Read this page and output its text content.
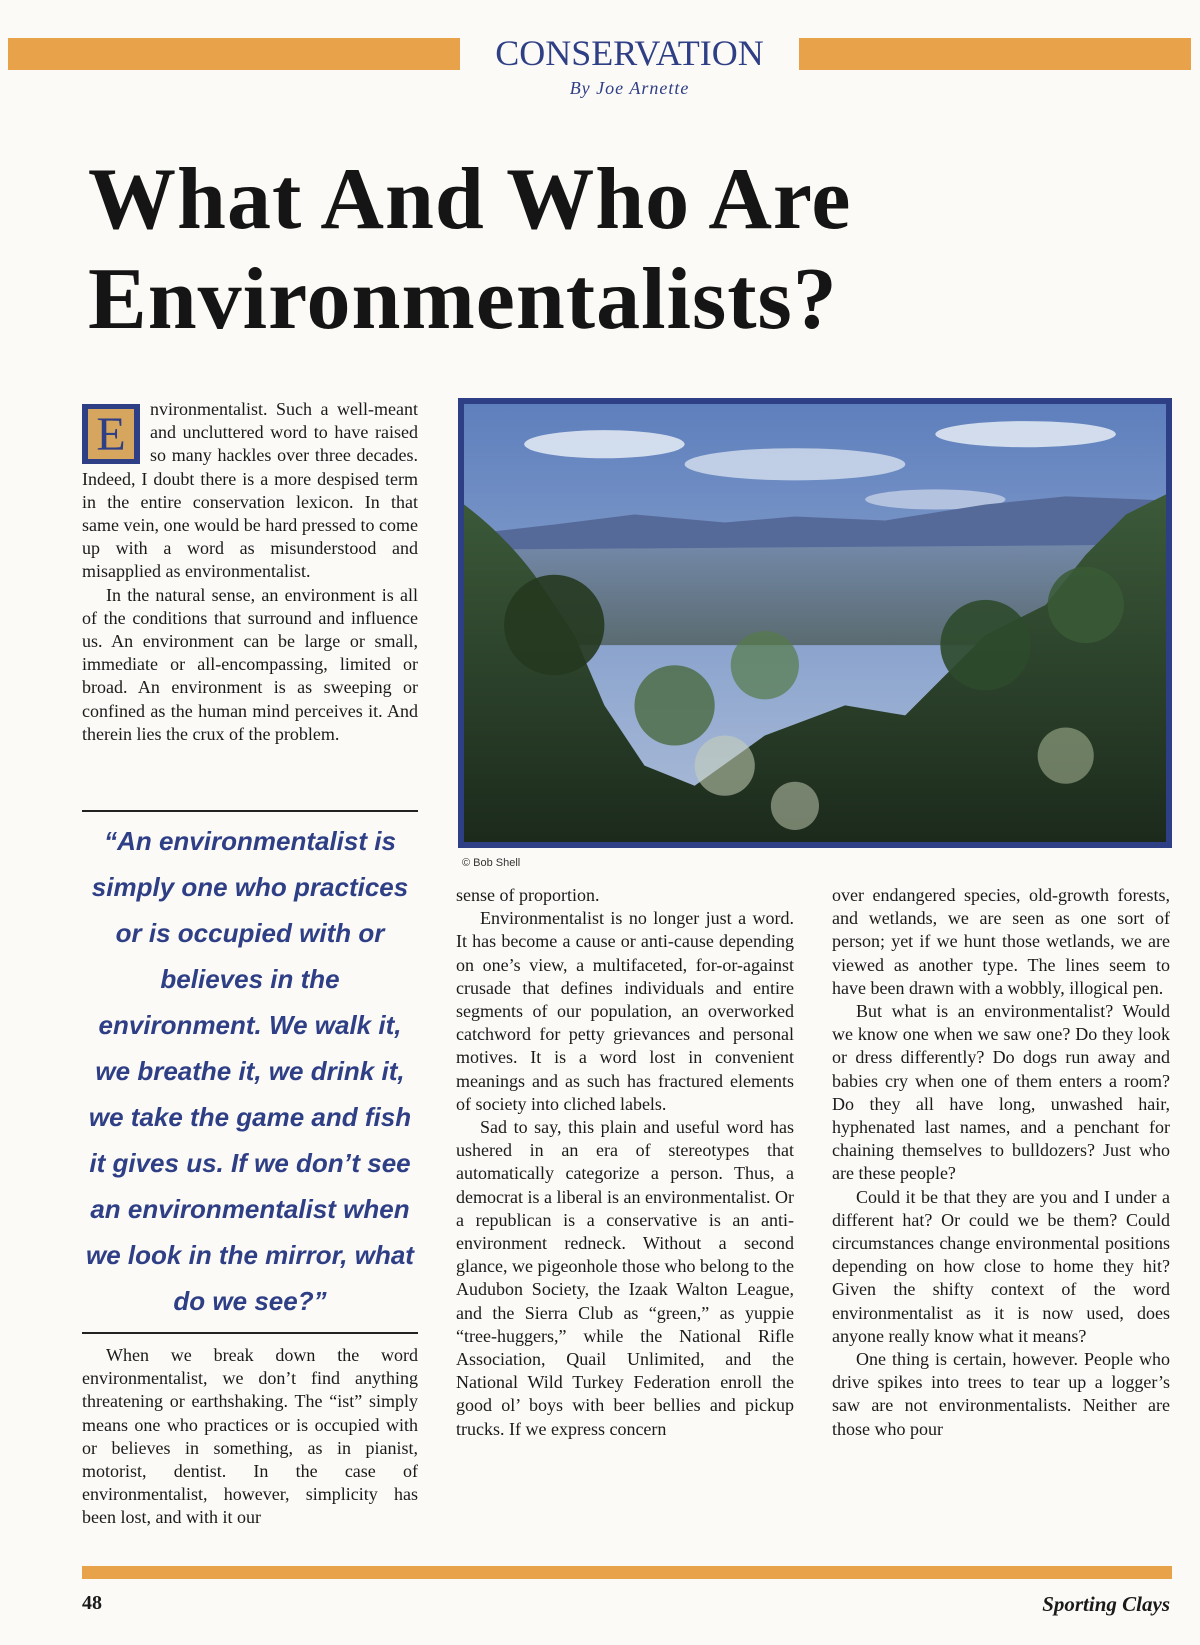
CONSERVATION
By Joe Arnette
What And Who Are
Environmentalists?

E	nvironmentalist. Such a well-meant and uncluttered word to have raised so many hackles over three decades. Indeed, I doubt there is a more despised term in the entire conservation lexicon. In that same vein, one would be hard pressed to come up with a word as misunderstood and misapplied as environmentalist.

In the natural sense, an environment is all of the conditions that surround and influence us. An environment can be large or small, immediate or all-encompassing, limited or broad. An environment is as sweeping or confined as the human mind perceives it. And therein lies the crux of the problem.

“An environmentalist is simply one who practices or is occupied with or believes in the environment. We walk it, we breathe it, we drink it, we take the game and fish it gives us. If we don’t see an environmentalist when we look in the mirror, what do we see?”

When we break down the word environmentalist, we don’t find anything threatening or earthshaking. The “ist” simply means one who practices or is occupied with or believes in something, as in pianist, motorist, dentist. In the case of environmentalist, however, simplicity has been lost, and with it our

© Bob Shell

sense of proportion.

Environmentalist is no longer just a word. It has become a cause or anti-cause depending on one’s view, a multifaceted, for-or-against crusade that defines individuals and entire segments of our population, an overworked catchword for petty grievances and personal motives. It is a word lost in convenient meanings and as such has fractured elements of society into cliched labels.

Sad to say, this plain and useful word has ushered in an era of stereotypes that automatically categorize a person. Thus, a democrat is a liberal is an environmentalist. Or a republican is a conservative is an anti-environment redneck. Without a second glance, we pigeonhole those who belong to the Audubon Society, the Izaak Walton League, and the Sierra Club as “green,” as yuppie “tree-huggers,” while the National Rifle Association, Quail Unlimited, and the National Wild Turkey Federation enroll the good ol’ boys with beer bellies and pickup trucks. If we express concern

over endangered species, old-growth forests, and wetlands, we are seen as one sort of person; yet if we hunt those wetlands, we are viewed as another type. The lines seem to have been drawn with a wobbly, illogical pen.

But what is an environmentalist? Would we know one when we saw one? Do they look or dress differently? Do dogs run away and babies cry when one of them enters a room? Do they all have long, unwashed hair, hyphenated last names, and a penchant for chaining themselves to bulldozers? Just who are these people?

Could it be that they are you and I under a different hat? Or could we be them? Could circumstances change environmental positions depending on how close to home they hit? Given the shifty context of the word environmentalist as it is now used, does anyone really know what it means?

One thing is certain, however. People who drive spikes into trees to tear up a logger’s saw are not environmentalists. Neither are those who pour

48	Sporting Clays
